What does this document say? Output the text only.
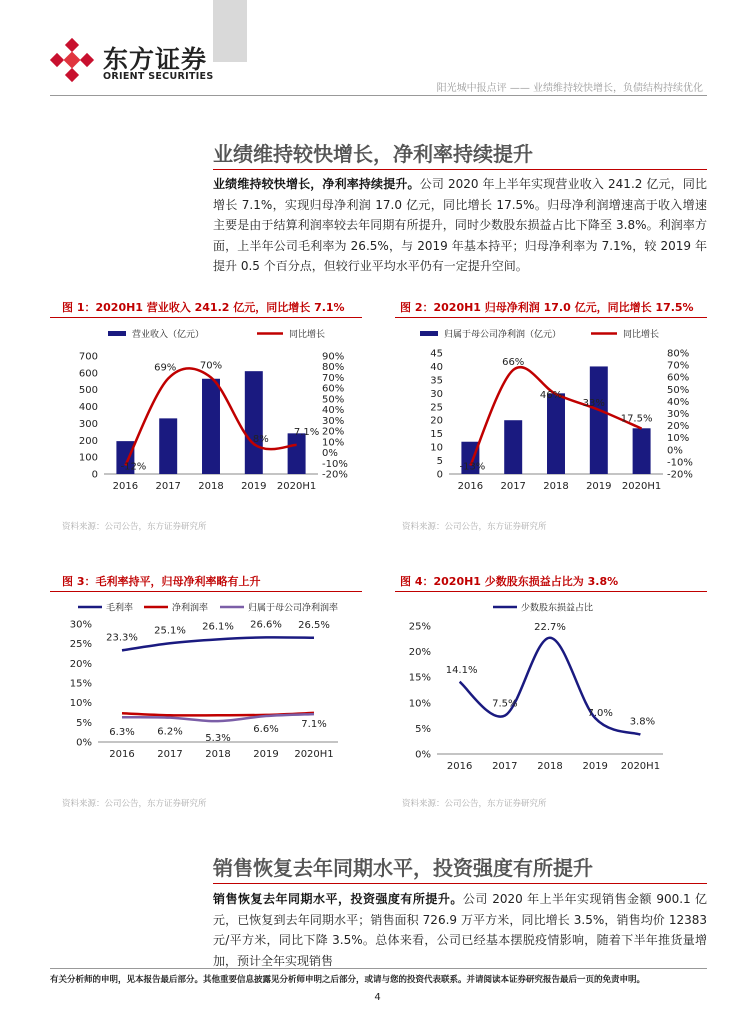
东方证券
ORIENT SECURITIES
阳光城中报点评 —— 业绩维持较快增长，负债结构持续优化
业绩维持较快增长，净利率持续提升
业绩维持较快增长，净利率持续提升。公司 2020 年上半年实现营业收入 241.2 亿元，同比增长 7.1%，实现归母净利润 17.0 亿元，同比增长 17.5%。归母净利润增速高于收入增速主要是由于结算利润率较去年同期有所提升，同时少数股东损益占比下降至 3.8%。利润率方面，上半年公司毛利率为 26.5%，与 2019 年基本持平；归母净利率为 7.1%，较 2019 年提升 0.5 个百分点，但较行业平均水平仍有一定提升空间。
图 1：2020H1 营业收入 241.2 亿元，同比增长 7.1%
营业收入（亿元）	同比增长
0
100
200
300
400
500
600
700
-20%
-10%
0%
10%
20%
30%
40%
50%
60%
70%
80%
90%
2016 2017 2018 2019 2020H1
-12%
69% 70%
8%
7.1%
资料来源：公司公告，东方证券研究所
图 2：2020H1 归母净利润 17.0 亿元，同比增长 17.5%
归属于母公司净利润（亿元）	同比增长
0
5
10
15
20
25
30
35
40
45
-20%
-10%
0%
10%
20%
30%
40%
50%
60%
70%
80%
2016 2017 2018 2019 2020H1
-13%
66%
46%
33%
17.5%
资料来源：公司公告，东方证券研究所
图 3：毛利率持平，归母净利率略有上升
0%
5%
10%
15%
20%
25%
30%
2016 2017 2018 2019 2020H1
毛利率
23.3%
25.1% 26.1% 26.6% 26.5%
净利润率	归属于母公司净利润率
6.3% 6.2%
5.3%
6.6% 7.1%
资料来源：公司公告，东方证券研究所
图 4：2020H1 少数股东损益占比为 3.8%
0%
5%
10%
15%
20%
25%
2016 2017 2018 2019 2020H1
少数股东损益占比
14.1%
7.5%
22.7%
7.0%
3.8%
资料来源：公司公告，东方证券研究所
销售恢复去年同期水平，投资强度有所提升
销售恢复去年同期水平，投资强度有所提升。公司 2020 年上半年实现销售金额 900.1 亿元，已恢复到去年同期水平；销售面积 726.9 万平方米，同比增长 3.5%，销售均价 12383 元/平方米，同比下降 3.5%。总体来看，公司已经基本摆脱疫情影响，随着下半年推货量增加，预计全年实现销售
有关分析师的申明，见本报告最后部分。其他重要信息披露见分析师申明之后部分，或请与您的投资代表联系。并请阅读本证券研究报告最后一页的免责申明。
4
